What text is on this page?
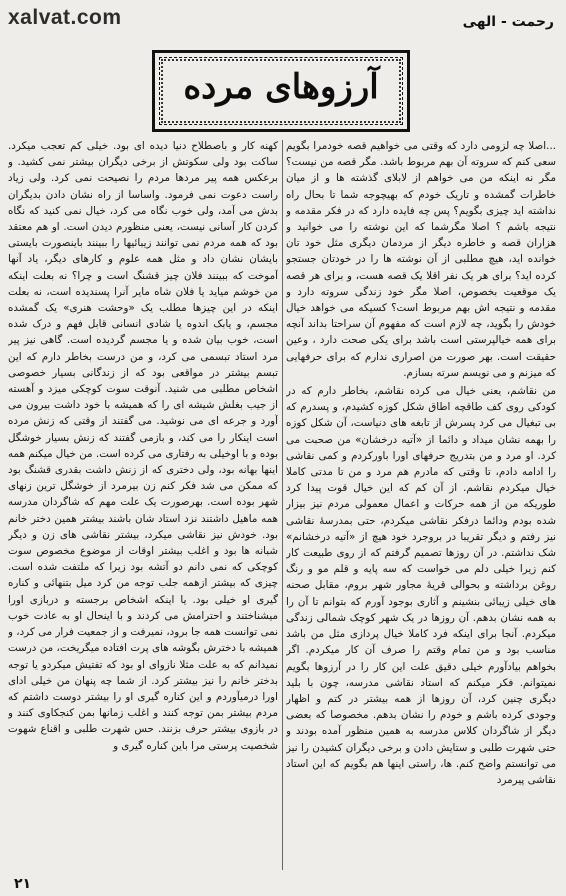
xalvat.com	رحمت - الهی
آرزوهای مرده

...اصلا چه لزومی دارد که وقتی می خواهیم قصه خودمرا بگویم سعی کنم که سروته آن بهم مربوط باشد. مگر قصه من نیست؟ مگر نه اینکه من می خواهم از لابلای گذشته ها و از میان خاطرات گمشده و تاریک خودم که بهیچوجه شما تا بحال راه نداشته اید چیزی بگویم؟ پس چه فایده دارد که در فکر مقدمه و نتیجه باشم ؟ اصلا مگرشما که این نوشته را می خوانید و هزاران قصه و خاطره دیگر از مردمان دیگری مثل خود تان خوانده اید، هیچ مطلبی از آن نوشته ها را در خودتان جستجو کرده اید؟ برای هر یک نفر اقلا یک قصه هست، و برای هر قصه یک موقعیت بخصوص، اصلا مگر خود زندگی سروته دارد و مقدمه و نتیجه اش بهم مربوط است؟ کسیکه می خواهد خیال خودش را بگوید، چه لازم است که مفهوم آن سراحتا بداند آنچه برای همه خیالپرستی است باشد برای یکی صحت دارد ، وعین حقیقت است. بهر صورت من اصراری ندارم که برای حرفهایی که میزنم و می نویسم سرته بسازم.

من نقاشم، یعنی خیال می کرده نقاشم، بخاطر دارم که در کودکی روی کف طاقچه اطاق شکل کوزه کشیدم، و پسدرم که بی تبغیال می کرد پسرش از تابغه های دنیاست، آن شکل کوزه را بهمه نشان میداد و دائما از «آتیه درخشان» من صحبت می کرد. او مرد و من بتدریج حرفهای اورا باورکردم و کمی نقاشی را ادامه دادم، تا وقتی که مادرم هم مرد و من تا مدتی کاملا خیال میکردم نقاشم. از آن کم که این خیال قوت پیدا کرد طوریکه من از همه حرکات و اعمال معمولی مردم نیز بیزار شده بودم ودائما درفکر نقاشی میکردم، حتی بمدرسهٔ نقاشی نیز رفتم و دیگر تقریبا در بروجرد خود هیچ از «آتیه درخشانم» شک نداشتم. در آن روزها تصمیم گرفتم که از روی طبیعت کار کنم زیرا خیلی دلم می خواست که سه پایه و قلم مو و رنگ روغن برداشته و بحوالی قریهٔ مجاور شهر بروم، مقابل صحنه های خیلی زیبائی بنشینم و آثاری بوجود آورم که بتوانم تا آن را به همه نشان بدهم. آن روزها در یک شهر کوچک شمالی زندگی میکردم. آنجا برای اینکه فرد کاملا خیال پردازی مثل من باشد مناسب بود و من تمام وقتم را صرف آن کار میکردم. اگر بخواهم بیادآورم خیلی دقیق علت این کار را در آرزوها بگویم نمیتوانم. فکر میکنم که استاد نقاشی مدرسه، چون با بلید دیگری چنین کرد، آن روزها از همه بیشتر در کتم و اظهار وجودی کرده باشم و خودم را نشان بدهم. مخصوصا که بعضی دیگر از شاگردان کلاس مدرسه به همین منظور آمده بودند و حتی شهرت طلبی و ستایش دادن و برخی دیگران کشیدن را نیز می توانستم واضح کنم. ها، راستی اینها هم بگویم که این استاد نقاشی پیرمرد

کهنه کار و باصطلاح دنیا دیده ای بود. خیلی کم تعجب میکرد. ساکت بود ولی سکوتش از برخی دیگران بیشتر نمی کشید. و برعکس همه پیر مردها مردم را نصیحت نمی کرد. ولی زیاد راست دعوت نمی فرمود. واساسا از راه نشان دادن بدیگران بدش می آمد، ولی خوب نگاه می کرد، خیال نمی کنید که نگاه کردن کار آسانی نیست، یعنی منظورم دیدن است. او هم معتقد بود که همه مردم نمی توانند زیبائیها را ببینند باینصورت بایستی بایشان نشان داد و مثل همه علوم و کارهای دیگر، یاد آنها آموخت که ببینند فلان چیز قشنگ است و چرا؟ نه بعلت اینکه من خوشم میاید یا فلان شاه مایر آنرا پسندیده است، نه بعلت اینکه در این چیزها مطلب یک «وحشت هنری» یک گمشده مجسم، و یابک اندوه یا شادی انسانی قابل فهم و درک شده است، خوب بیان شده و یا مجسم گردیده است. گاهی نیز پیر مرد استاد تبسمی می کرد، و من درست بخاطر دارم که این تبسم بیشتر در مواقعی بود که از زندگانی بسیار خصوصی اشخاص مطلبی می شنید. آنوقت سوت کوچکی میزد و آهسته از جیب بغلش شیشه ای را که همیشه با خود داشت بیرون می آورد و جرعه ای می نوشید. می گفتند از وقتی که زنش مرده است اینکار را می کند، و بازمی گفتند که زنش بسیار خوشگل بوده و با اوخیلی به رفتاری می کرده است. من خیال میکنم همه اینها بهانه بود، ولی دختری که از زنش داشت بقدری قشنگ بود که ممکن می شد فکر کنم زن بیرمرد از خوشگل ترین زنهای شهر بوده است. بهرصورت یک علت مهم که شاگردان مدرسه همه ماهیل داشتند نزد استاد شان باشند بیشتر همین دختر خانم بود. خودش نیز نقاشی میکرد، بیشتر نقاشی های زن و دیگر شبانه ها بود و اغلب بیشتر اوقات از موضوع مخصوص سوت کوچکی که نمی دانم دو آتشه بود زیرا که ملتفت شده است. چیزی که بیشتر ازهمه جلب توجه من کرد میل بتنهائی و کناره گیری او خیلی بود. یا اینکه اشخاص برجسته و دربازی اورا میشناختند و احترامش می کردند و با اینحال او به عادت خوب نمی توانست همه جا برود، نمیرفت و از جمعیت فرار می کرد، و همیشه با دخترش بگوشه های پرت افتاده میگریخت، من درست نمیدانم که به علت مثلا نازوای او بود که تفتیش میکردو یا توجه بدختر خانم را نیز بیشتر کرد. از شما چه پنهان من خیلی ادای اورا درمیآوردم و این کناره گیری او را بیشتر دوست داشتم که مردم بیشتر بمن توجه کنند و اغلب زمانها بمن کنجکاوی کنند و در بازوی بیشتر حرف بزنند. حس شهرت طلبی و اقناع شهوت شخصیت پرستی مرا باین کناره گیری و

۲۱
